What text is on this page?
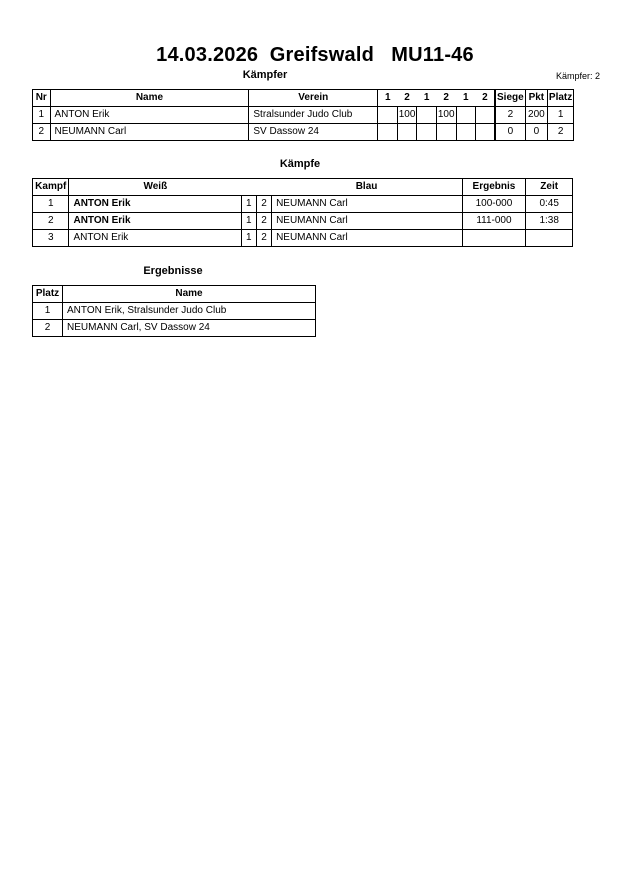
14.03.2026  Greifswald   MU11-46
Kämpfer	Kämpfer: 2
Nr	Name	Verein	1	2	1	2	1	2	Siege	Pkt	Platz
1	ANTON Erik	Stralsunder Judo Club		100		100			2	200	1
2	NEUMANN Carl	SV Dassow 24							0	0	2
Kämpfe
Kampf	Weiß			Blau	Ergebnis	Zeit
1	ANTON Erik	1	2	NEUMANN Carl	100-000	0:45
2	ANTON Erik	1	2	NEUMANN Carl	111-000	1:38
3	ANTON Erik	1	2	NEUMANN Carl		
Ergebnisse
Platz	Name
1	ANTON Erik, Stralsunder Judo Club
2	NEUMANN Carl, SV Dassow 24
